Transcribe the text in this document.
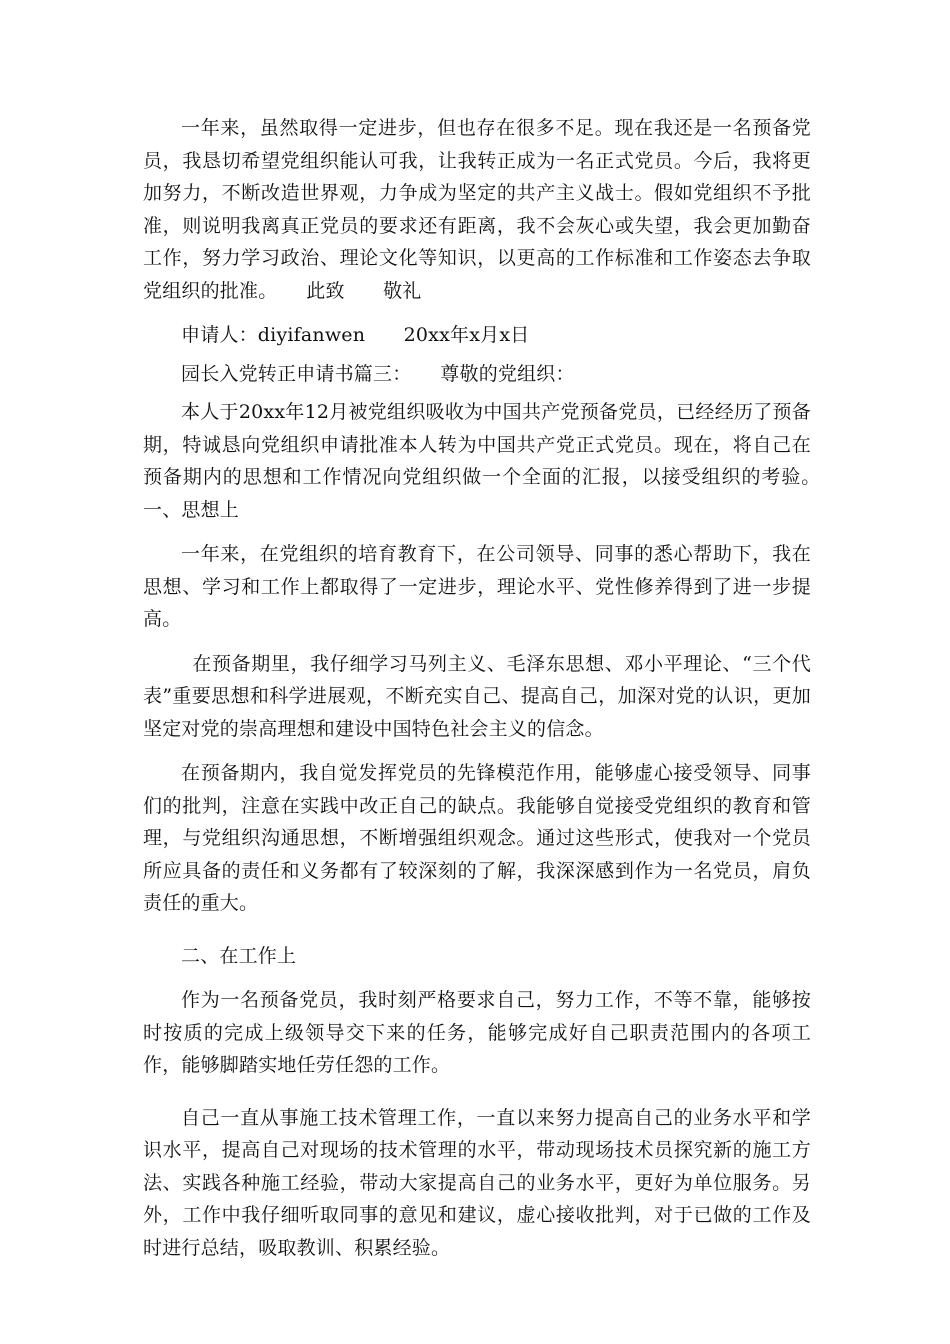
一年来，虽然取得一定进步，但也存在很多不足。现在我还是一名预备党员，我恳切希望党组织能认可我，让我转正成为一名正式党员。今后，我将更加努力，不断改造世界观，力争成为坚定的共产主义战士。假如党组织不予批准，则说明我离真正党员的要求还有距离，我不会灰心或失望，我会更加勤奋工作，努力学习政治、理论文化等知识，以更高的工作标准和工作姿态去争取党组织的批准。　　此致　　敬礼

申请人：diyifanwen　　20xx年x月x日

园长入党转正申请书篇三：　　尊敬的党组织：

本人于20xx年12月被党组织吸收为中国共产党预备党员，已经经历了预备期，特诚恳向党组织申请批准本人转为中国共产党正式党员。现在，将自己在预备期内的思想和工作情况向党组织做一个全面的汇报，以接受组织的考验。　　一、思想上

一年来，在党组织的培育教育下，在公司领导、同事的悉心帮助下，我在思想、学习和工作上都取得了一定进步，理论水平、党性修养得到了进一步提高。

在预备期里，我仔细学习马列主义、毛泽东思想、邓小平理论、“三个代表”重要思想和科学进展观，不断充实自己、提高自己，加深对党的认识，更加坚定对党的崇高理想和建设中国特色社会主义的信念。

在预备期内，我自觉发挥党员的先锋模范作用，能够虚心接受领导、同事们的批判，注意在实践中改正自己的缺点。我能够自觉接受党组织的教育和管理，与党组织沟通思想，不断增强组织观念。通过这些形式，使我对一个党员所应具备的责任和义务都有了较深刻的了解，我深深感到作为一名党员，肩负责任的重大。

二、在工作上

作为一名预备党员，我时刻严格要求自己，努力工作，不等不靠，能够按时按质的完成上级领导交下来的任务，能够完成好自己职责范围内的各项工作，能够脚踏实地任劳任怨的工作。

自己一直从事施工技术管理工作，一直以来努力提高自己的业务水平和学识水平，提高自己对现场的技术管理的水平，带动现场技术员探究新的施工方法、实践各种施工经验，带动大家提高自己的业务水平，更好为单位服务。另外，工作中我仔细听取同事的意见和建议，虚心接收批判，对于已做的工作及时进行总结，吸取教训、积累经验。
